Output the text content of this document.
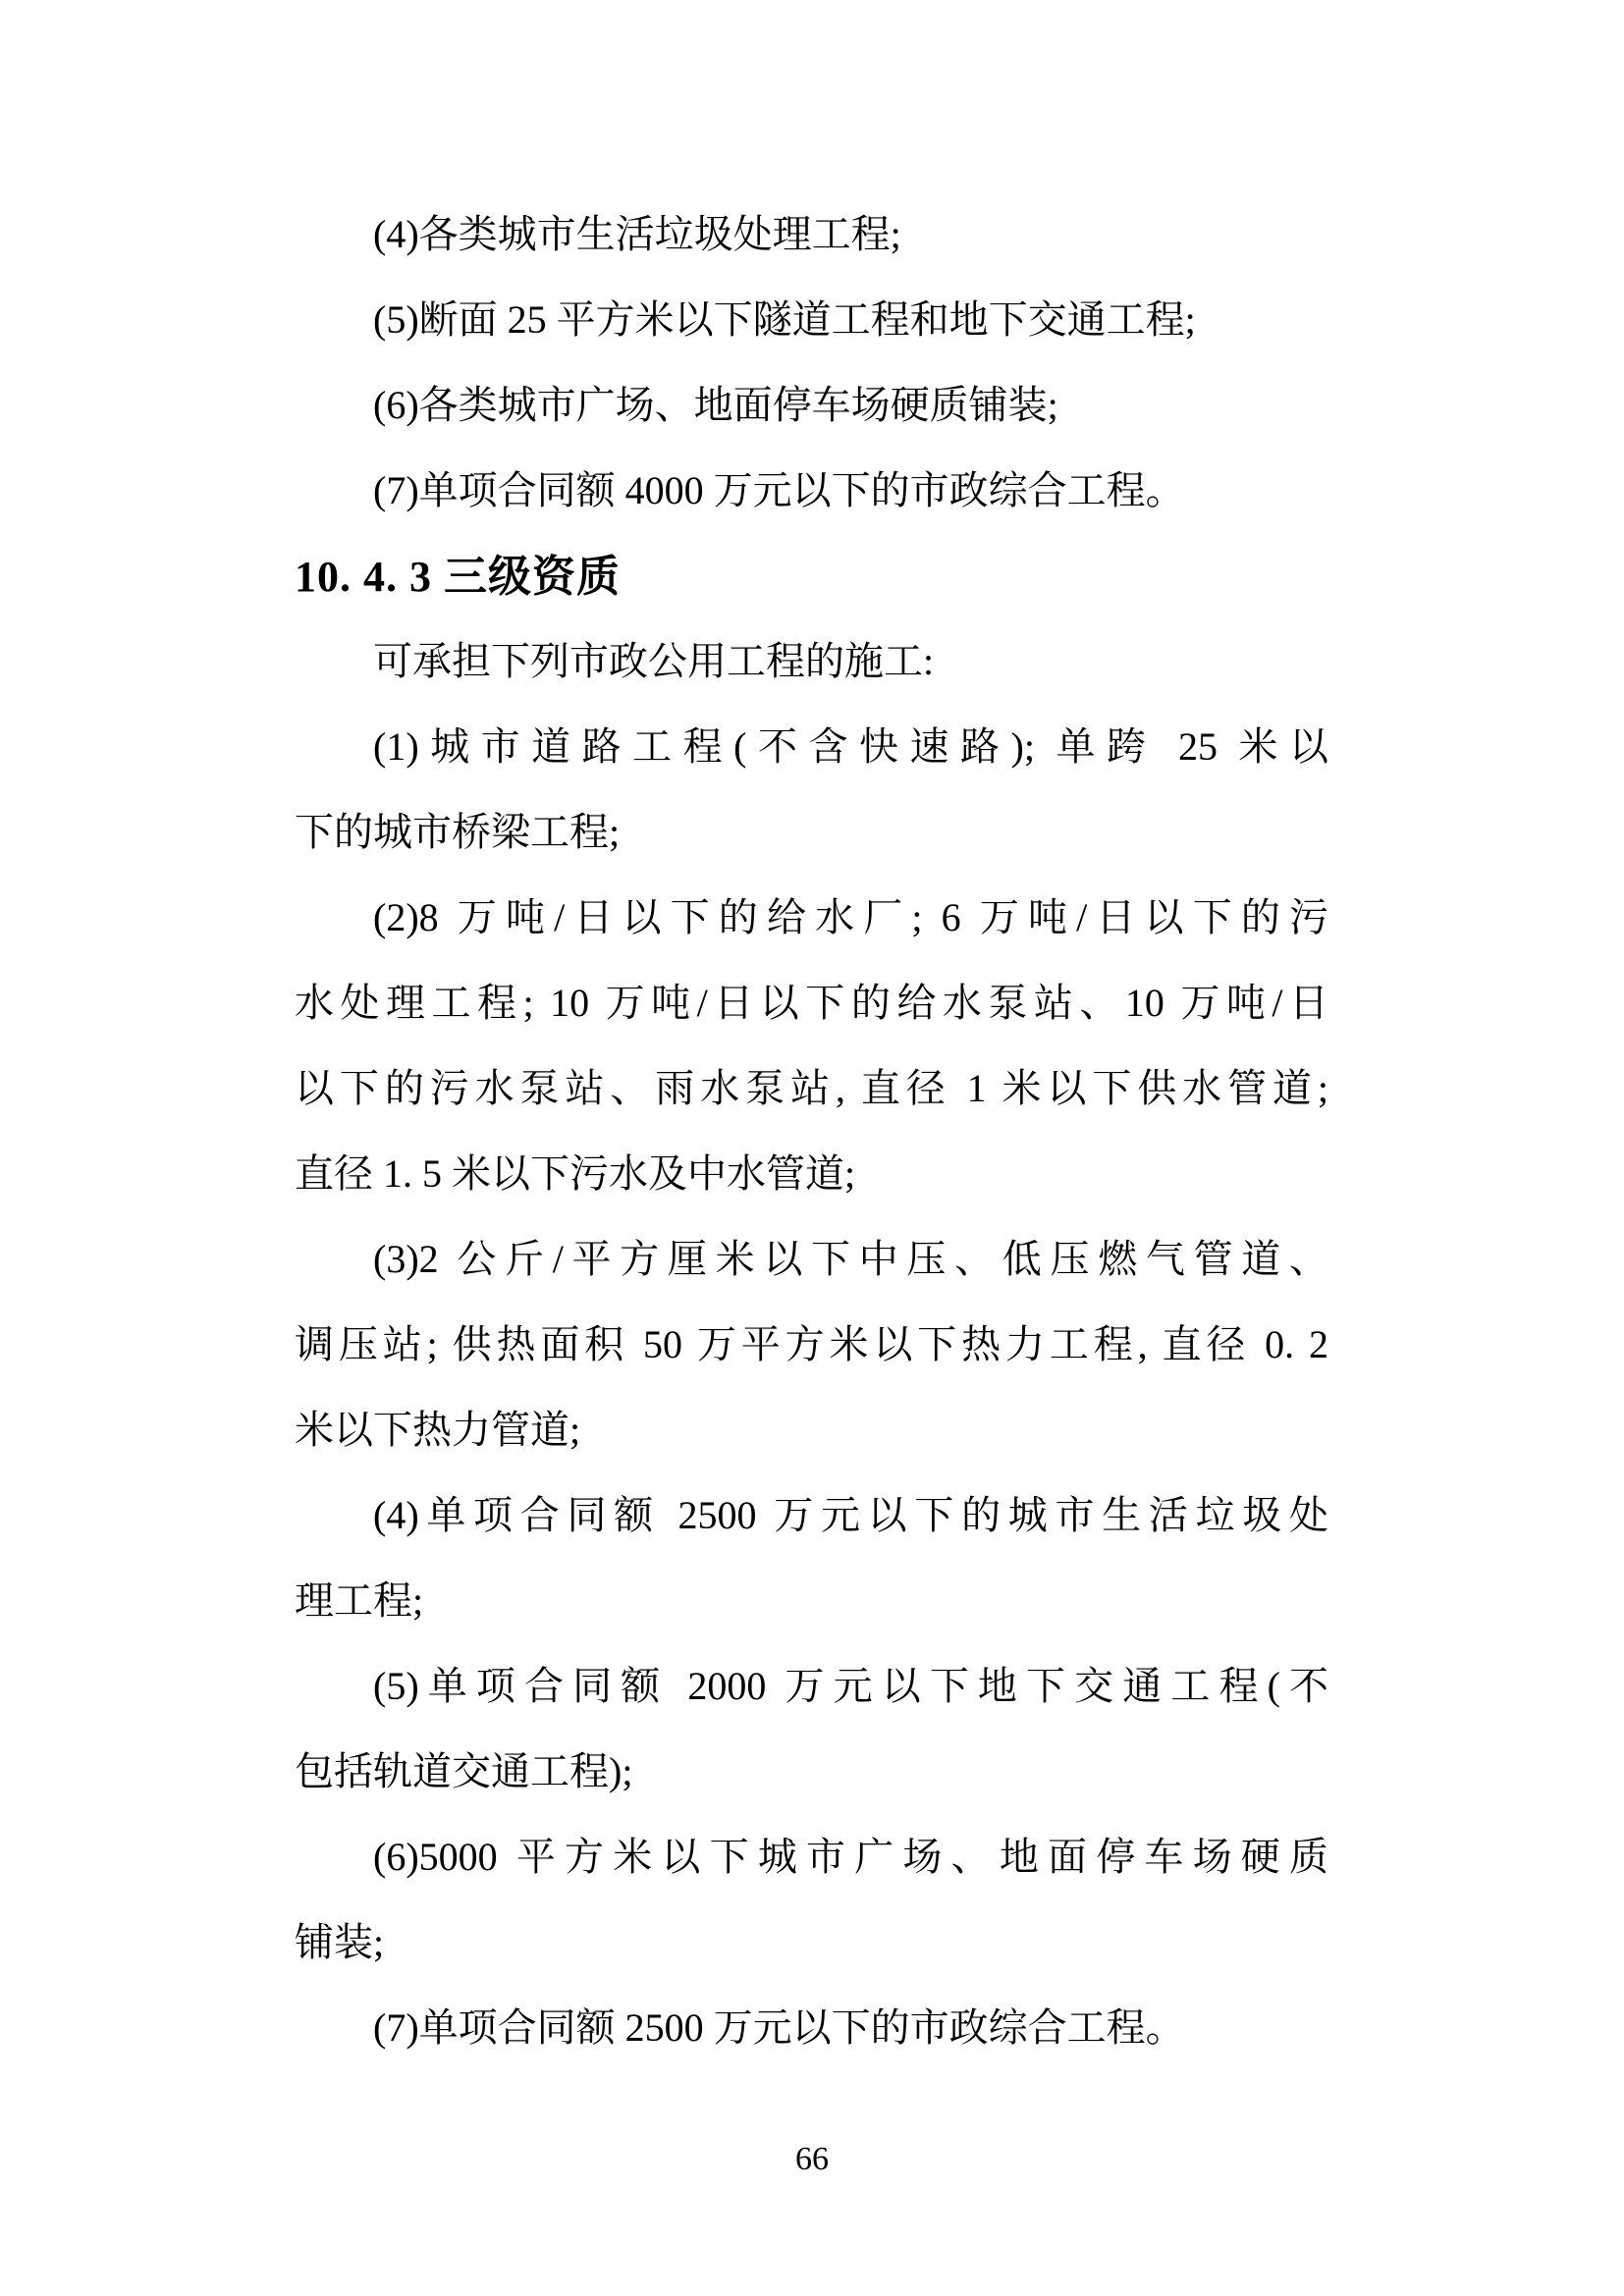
(4)各类城市生活垃圾处理工程;
(5)断面 25 平方米以下隧道工程和地下交通工程;
(6)各类城市广场、地面停车场硬质铺装;
(7)单项合同额 4000 万元以下的市政综合工程。
10. 4. 3 三级资质
可承担下列市政公用工程的施工:
(1)城市道路工程(不含快速路); 单跨 25 米以
下的城市桥梁工程;
(2)8 万吨/日以下的给水厂; 6 万吨/日以下的污
水处理工程; 10 万吨/日以下的给水泵站、10 万吨/日
以下的污水泵站、雨水泵站, 直径 1 米以下供水管道;
直径 1. 5 米以下污水及中水管道;
(3)2 公斤/平方厘米以下中压、低压燃气管道、
调压站; 供热面积 50 万平方米以下热力工程, 直径 0. 2
米以下热力管道;
(4)单项合同额 2500 万元以下的城市生活垃圾处
理工程;
(5)单项合同额 2000 万元以下地下交通工程(不
包括轨道交通工程);
(6)5000 平方米以下城市广场、地面停车场硬质
铺装;
(7)单项合同额 2500 万元以下的市政综合工程。
66
